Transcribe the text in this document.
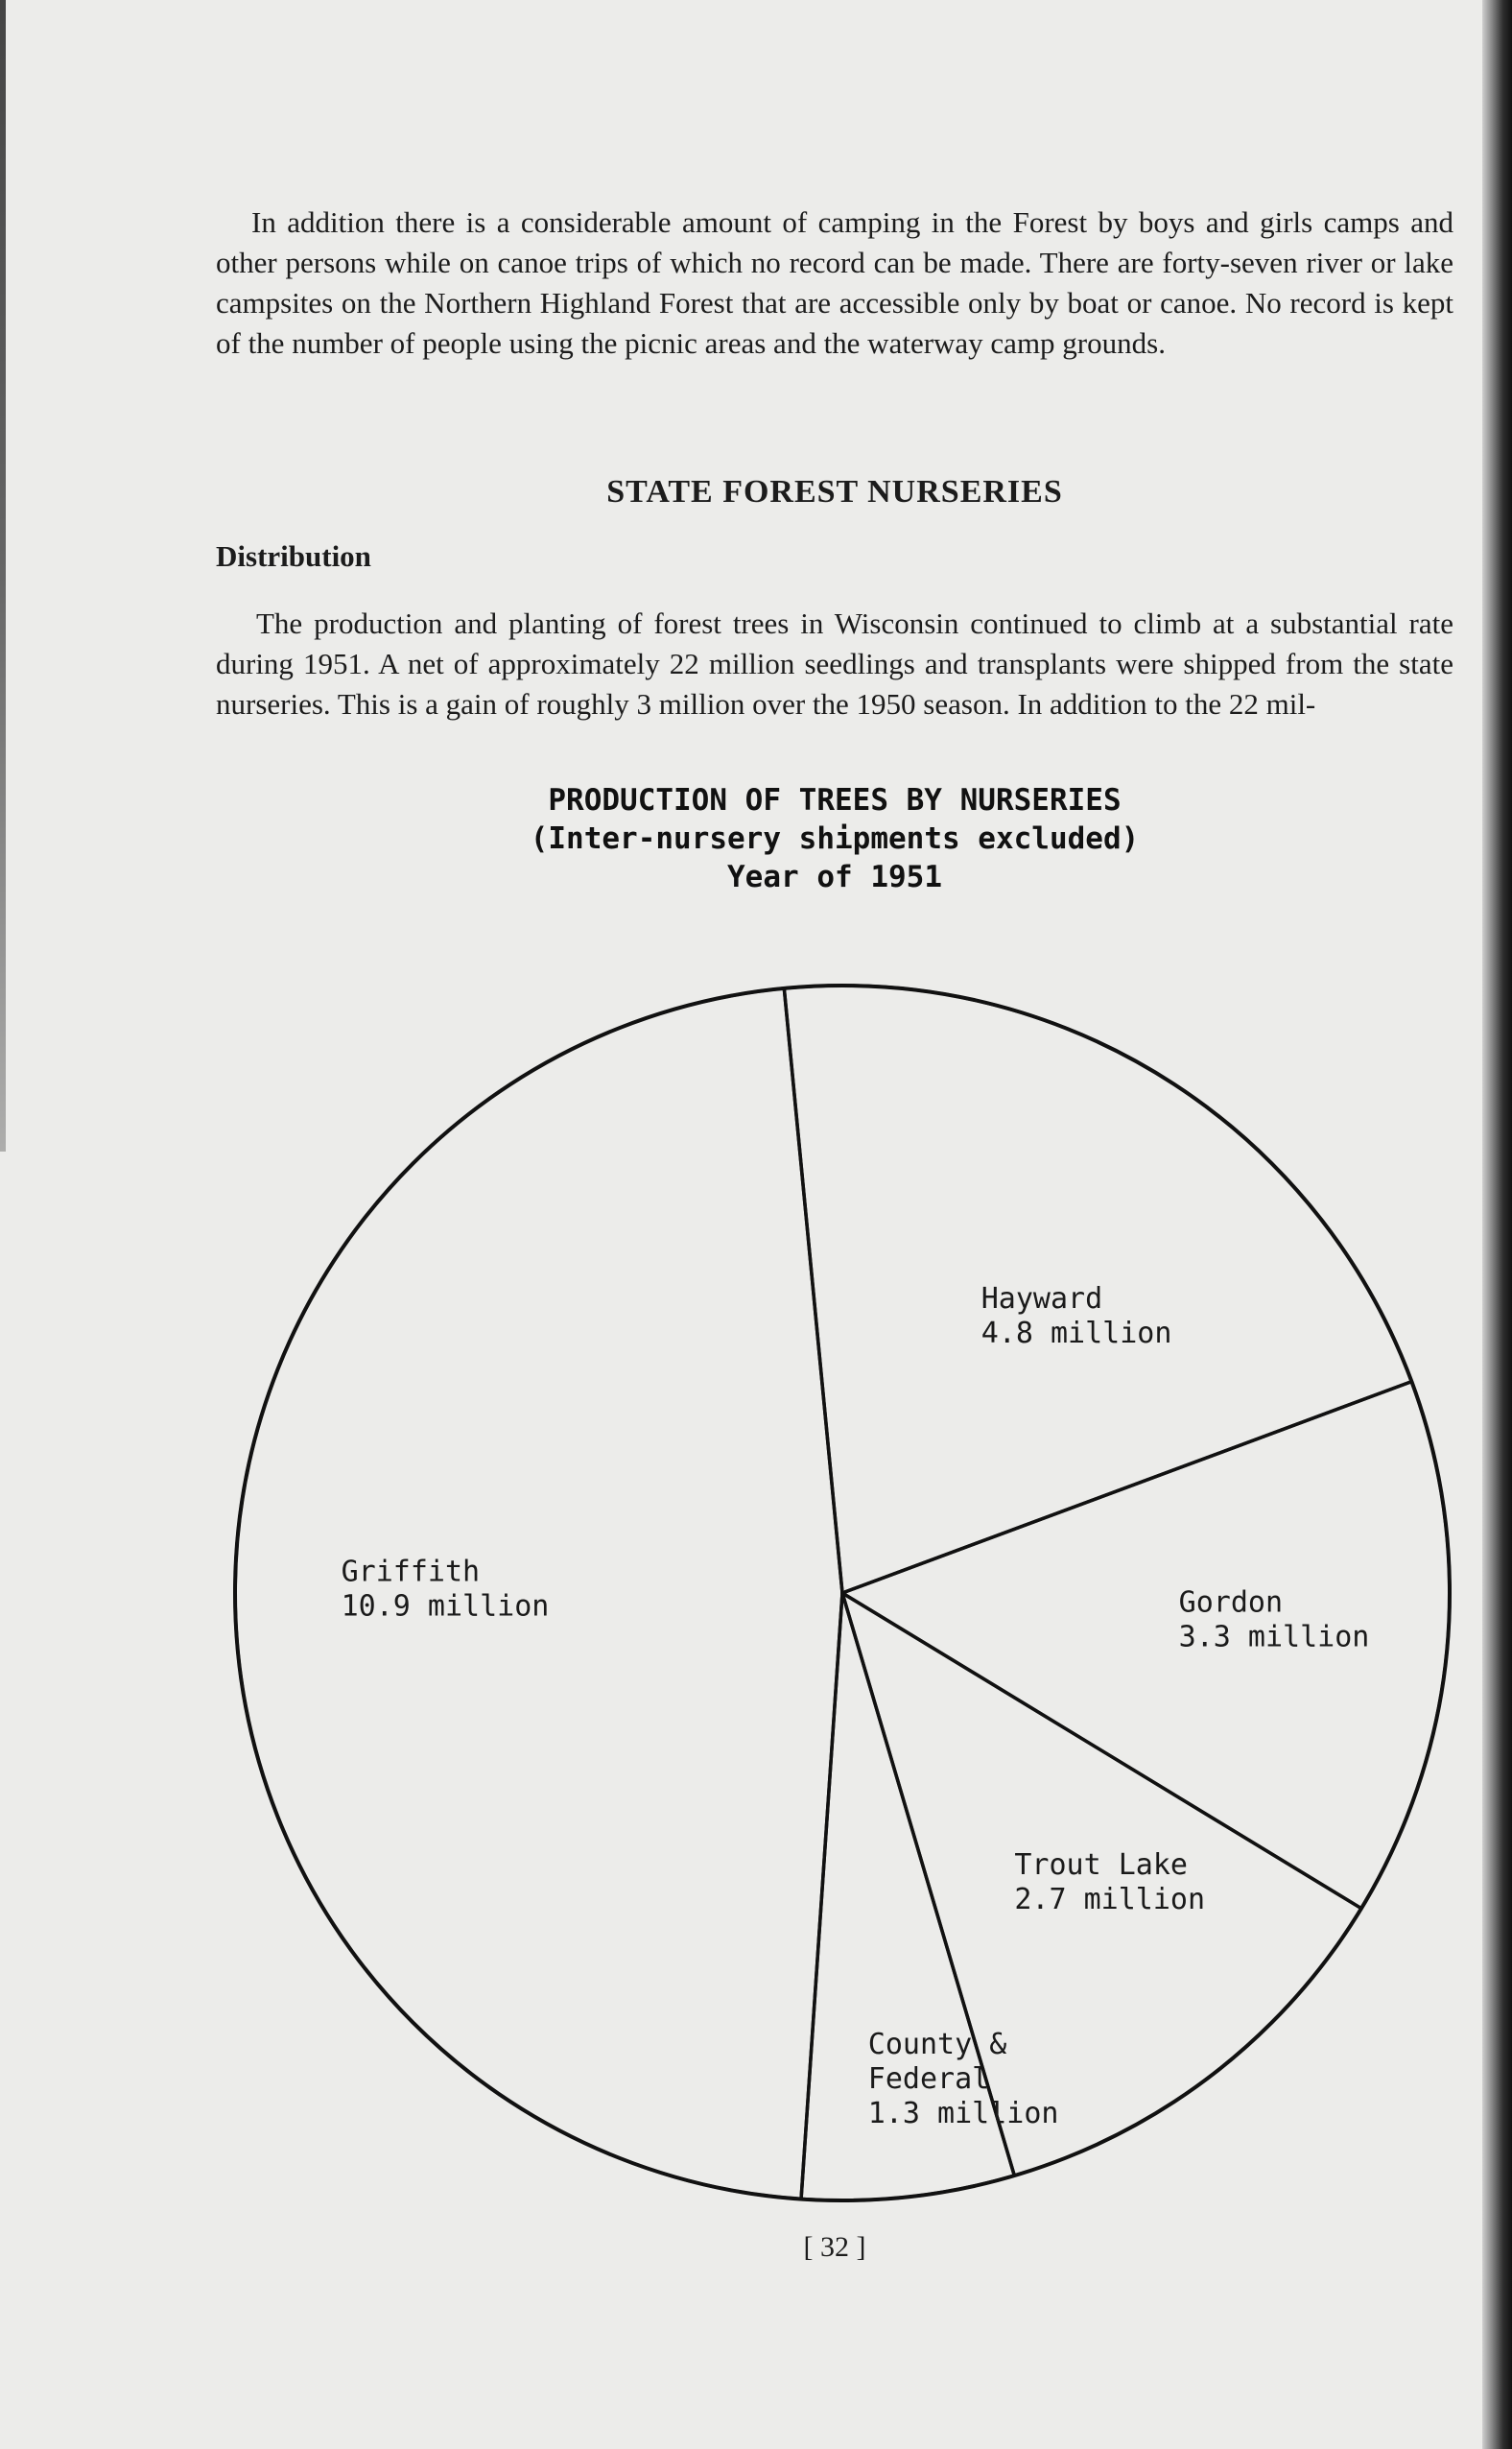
In addition there is a considerable amount of camping in the Forest by boys and girls camps and other persons while on canoe trips of which no record can be made. There are forty-seven river or lake campsites on the Northern Highland Forest that are accessible only by boat or canoe. No record is kept of the number of people using the picnic areas and the waterway camp grounds.

STATE FOREST NURSERIES
Distribution

The production and planting of forest trees in Wisconsin continued to climb at a substantial rate during 1951. A net of approximately 22 million seedlings and transplants were shipped from the state nurseries. This is a gain of roughly 3 million over the 1950 season. In addition to the 22 mil-

PRODUCTION OF TREES BY NURSERIES
(Inter-nursery shipments excluded)
Year of 1951
Hayward 4.8 million
Gordon 3.3 million
Trout Lake 2.7 million
County & Federal 1.3 million
Griffith 10.9 million
[ 32 ]
